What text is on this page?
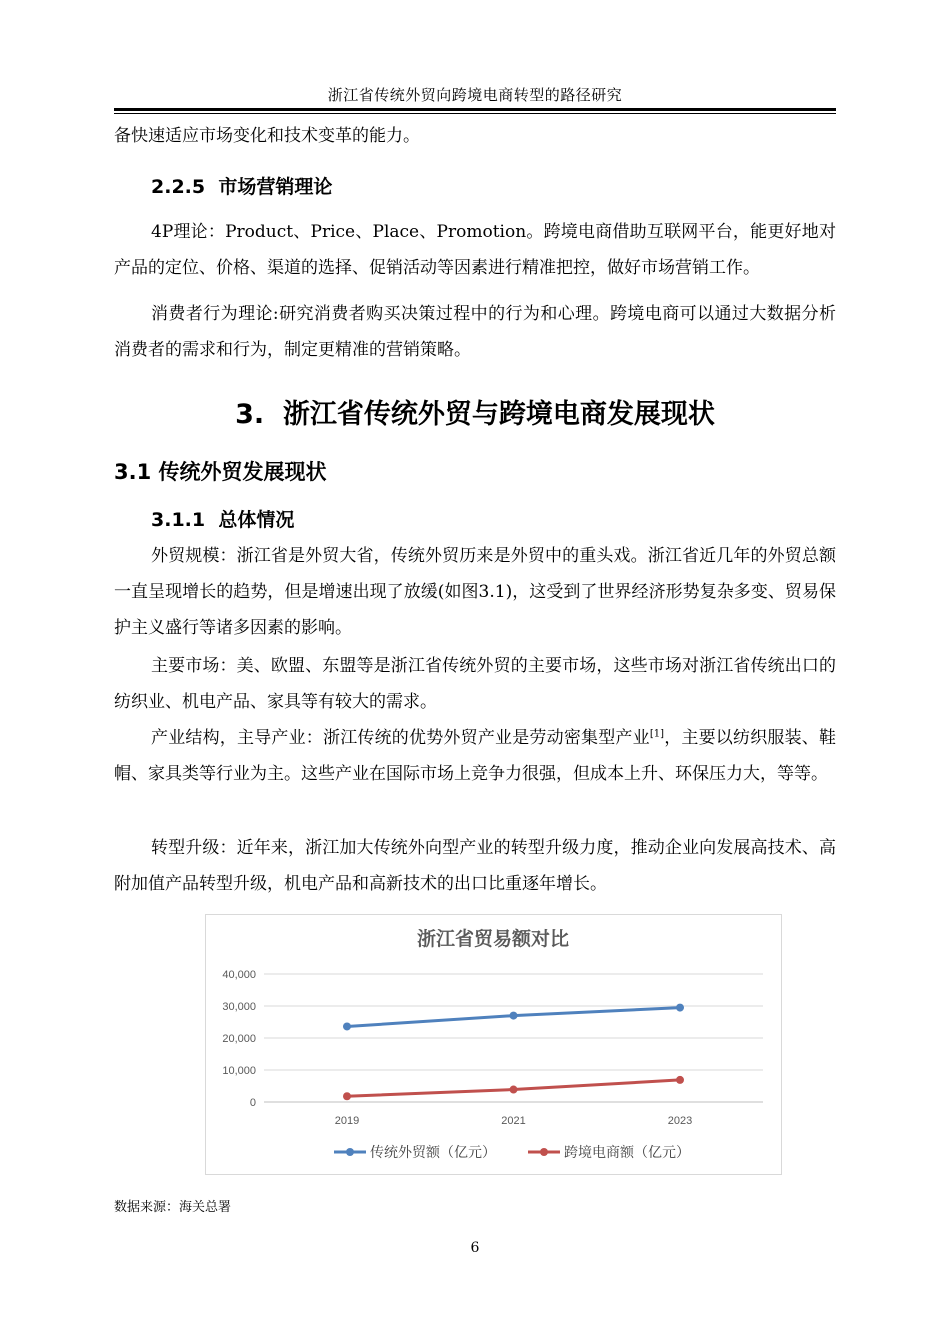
浙江省传统外贸向跨境电商转型的路径研究

备快速适应市场变化和技术变革的能力。

2.2.5 市场营销理论

4P理论：Product、Price、Place、Promotion。跨境电商借助互联网平台，能更好地对产品的定位、价格、渠道的选择、促销活动等因素进行精准把控，做好市场营销工作。

消费者行为理论:研究消费者购买决策过程中的行为和心理。跨境电商可以通过大数据分析消费者的需求和行为，制定更精准的营销策略。

3. 浙江省传统外贸与跨境电商发展现状
3.1 传统外贸发展现状
3.1.1 总体情况

外贸规模：浙江省是外贸大省，传统外贸历来是外贸中的重头戏。浙江省近几年的外贸总额一直呈现增长的趋势，但是增速出现了放缓(如图3.1)，这受到了世界经济形势复杂多变、贸易保护主义盛行等诸多因素的影响。

主要市场：美、欧盟、东盟等是浙江省传统外贸的主要市场，这些市场对浙江省传统出口的纺织业、机电产品、家具等有较大的需求。

产业结构，主导产业：浙江传统的优势外贸产业是劳动密集型产业[1]，主要以纺织服装、鞋帽、家具类等行业为主。这些产业在国际市场上竞争力很强，但成本上升、环保压力大，等等。

转型升级：近年来，浙江加大传统外向型产业的转型升级力度，推动企业向发展高技术、高附加值产品转型升级，机电产品和高新技术的出口比重逐年增长。

浙江省贸易额对比
0
10,000
20,000
30,000
40,000
2019	2021	2023
传统外贸额（亿元）	跨境电商额（亿元）
数据来源：海关总署
6
